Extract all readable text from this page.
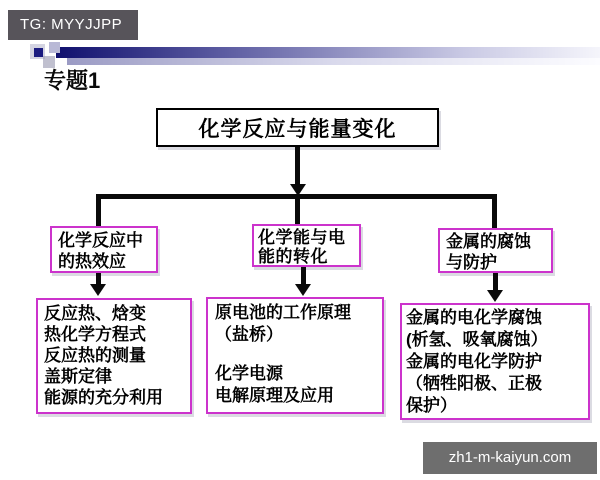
TG: MYYJJPP
专题1
化学反应与能量变化
化学反应中
的热效应
化学能与电
能的转化
金属的腐蚀
与防护
反应热、焓变
热化学方程式
反应热的测量
盖斯定律
能源的充分利用
原电池的工作原理
（盐桥）
化学电源
电解原理及应用
金属的电化学腐蚀
(析氢、吸氧腐蚀）
金属的电化学防护
（牺牲阳极、正极
保护）
zh1-m-kaiyun.com
